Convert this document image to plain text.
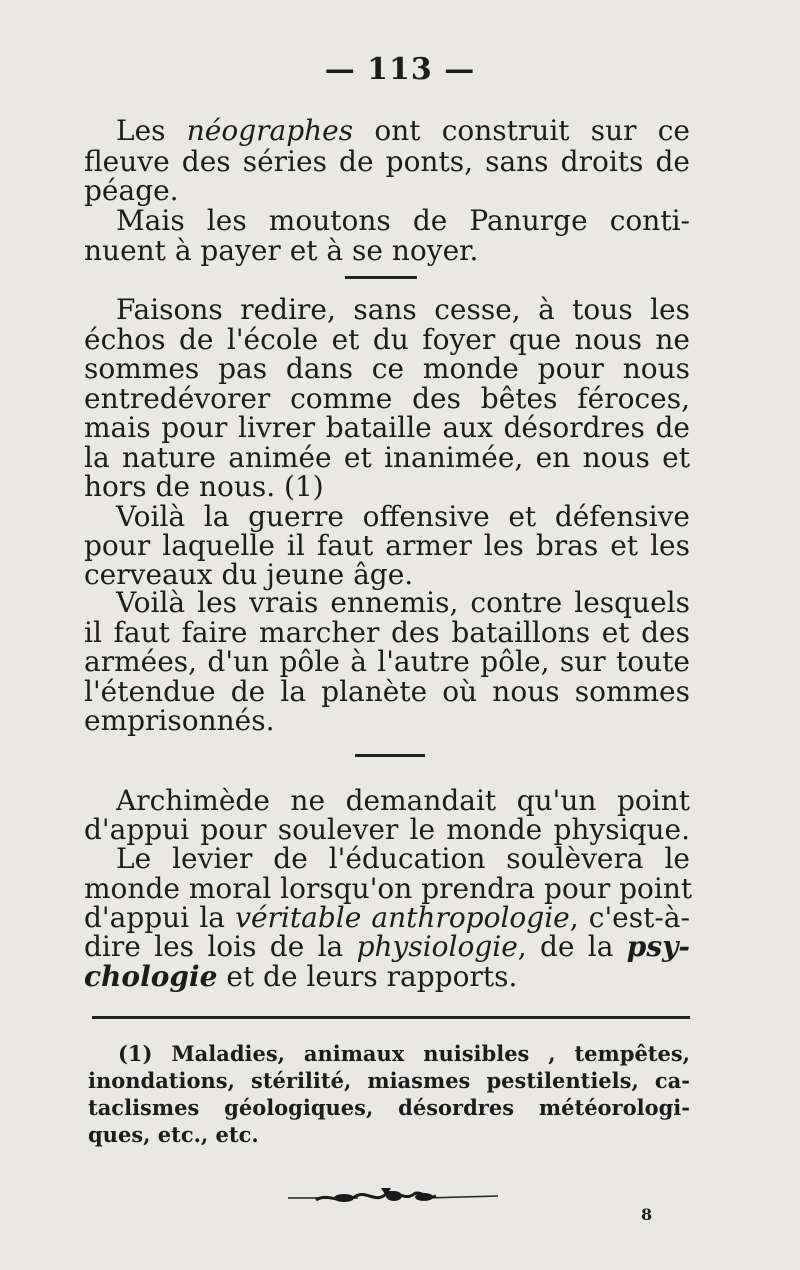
— 113 —
Les néographes ont construit sur ce
fleuve des séries de ponts, sans droits de
péage.
Mais les moutons de Panurge conti-
nuent à payer et à se noyer.
Faisons redire, sans cesse, à tous les
échos de l'école et du foyer que nous ne
sommes pas dans ce monde pour nous
entredévorer comme des bêtes féroces,
mais pour livrer bataille aux désordres de
la nature animée et inanimée, en nous et
hors de nous. (1)
Voilà la guerre offensive et défensive
pour laquelle il faut armer les bras et les
cerveaux du jeune âge.
Voilà les vrais ennemis, contre lesquels
il faut faire marcher des bataillons et des
armées, d'un pôle à l'autre pôle, sur toute
l'étendue de la planète où nous sommes
emprisonnés.
Archimède ne demandait qu'un point
d'appui pour soulever le monde physique.
Le levier de l'éducation soulèvera le
monde moral lorsqu'on prendra pour point
d'appui la véritable anthropologie, c'est-à-
dire les lois de la physiologie, de la psy-
chologie et de leurs rapports.
(1) Maladies, animaux nuisibles , tempêtes,
inondations, stérilité, miasmes pestilentiels, ca-
taclismes géologiques, désordres météorologi-
ques, etc., etc.
8
